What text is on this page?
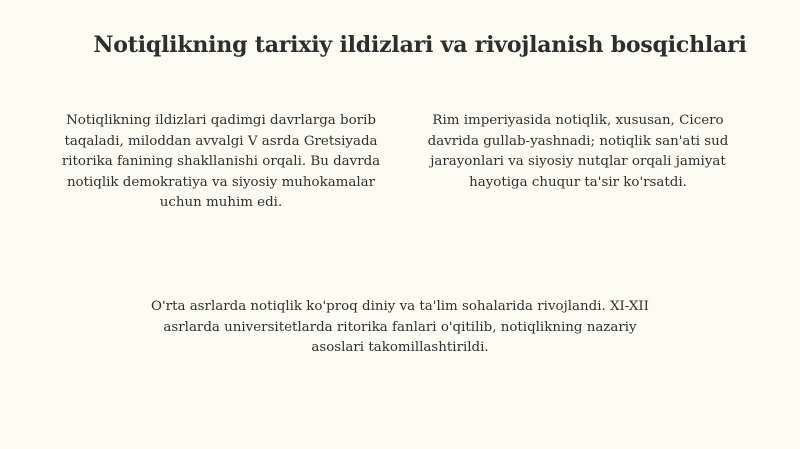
Notiqlikning tarixiy ildizlari va rivojlanish bosqichlari

Notiqlikning ildizlari qadimgi davrlarga borib taqaladi, miloddan avvalgi V asrda Gretsiyada ritorika fanining shakllanishi orqali. Bu davrda notiqlik demokratiya va siyosiy muhokamalar uchun muhim edi.

Rim imperiyasida notiqlik, xususan, Cicero davrida gullab-yashnadi; notiqlik san'ati sud jarayonlari va siyosiy nutqlar orqali jamiyat hayotiga chuqur ta'sir ko'rsatdi.

O'rta asrlarda notiqlik ko'proq diniy va ta'lim sohalarida rivojlandi. XI-XII asrlarda universitetlarda ritorika fanlari o'qitilib, notiqlikning nazariy asoslari takomillashtirildi.
